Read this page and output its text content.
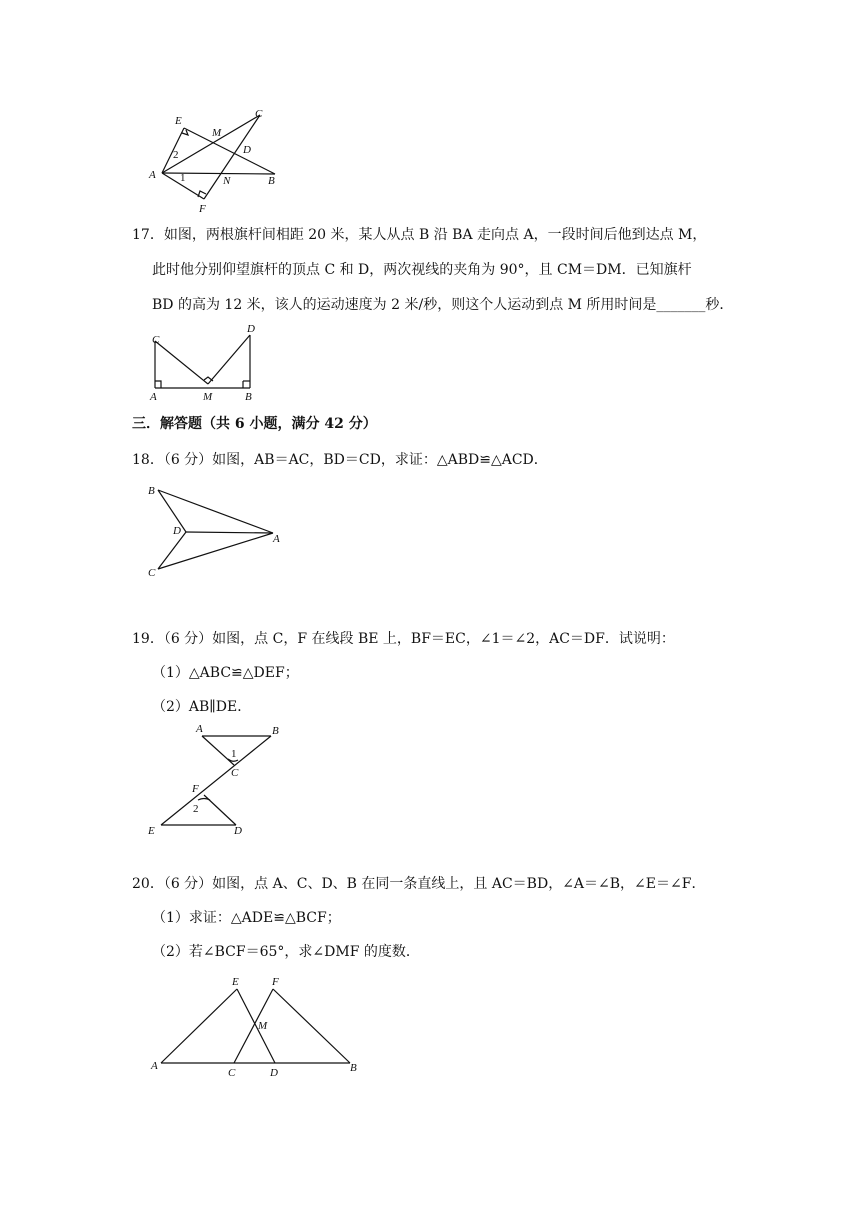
E
M
C
D
A	N	B
F
1
2
17．如图，两根旗杆间相距 20 米，某人从点 B 沿 BA 走向点 A，一段时间后他到达点 M，
此时他分别仰望旗杆的顶点 C 和 D，两次视线的夹角为 90°，且 CM＝DM．已知旗杆
BD 的高为 12 米，该人的运动速度为 2 米/秒，则这个人运动到点 M 所用时间是_______秒．
C
D
A	M	B
三．解答题（共 6 小题，满分 42 分）
18．（6 分）如图，AB＝AC，BD＝CD，求证：△ABD≌△ACD．
B
D
A
C
19．（6 分）如图，点 C，F 在线段 BE 上，BF＝EC，∠1＝∠2，AC＝DF．试说明：
（1）△ABC≌△DEF；
（2）AB∥DE．
A	B
1
C
F
2
E	D
20．（6 分）如图，点 A、C、D、B 在同一条直线上，且 AC＝BD，∠A＝∠B，∠E＝∠F．
（1）求证：△ADE≌△BCF；
（2）若∠BCF＝65°，求∠DMF 的度数．
E	F
M
A
C	D	B
